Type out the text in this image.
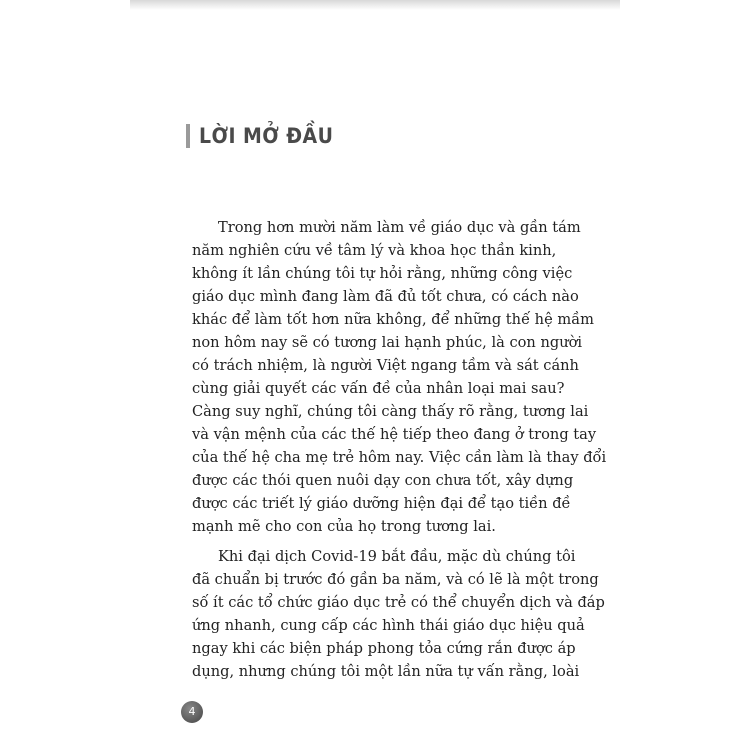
LỜI MỞ ĐẦU
Trong hơn mười năm làm về giáo dục và gần tám
năm nghiên cứu về tâm lý và khoa học thần kinh,
không ít lần chúng tôi tự hỏi rằng, những công việc
giáo dục mình đang làm đã đủ tốt chưa, có cách nào
khác để làm tốt hơn nữa không, để những thế hệ mầm
non hôm nay sẽ có tương lai hạnh phúc, là con người
có trách nhiệm, là người Việt ngang tầm và sát cánh
cùng giải quyết các vấn đề của nhân loại mai sau?
Càng suy nghĩ, chúng tôi càng thấy rõ rằng, tương lai
và vận mệnh của các thế hệ tiếp theo đang ở trong tay
của thế hệ cha mẹ trẻ hôm nay. Việc cần làm là thay đổi
được các thói quen nuôi dạy con chưa tốt, xây dựng
được các triết lý giáo dưỡng hiện đại để tạo tiền đề
mạnh mẽ cho con của họ trong tương lai.
Khi đại dịch Covid-19 bắt đầu, mặc dù chúng tôi
đã chuẩn bị trước đó gần ba năm, và có lẽ là một trong
số ít các tổ chức giáo dục trẻ có thể chuyển dịch và đáp
ứng nhanh, cung cấp các hình thái giáo dục hiệu quả
ngay khi các biện pháp phong tỏa cứng rắn được áp
dụng, nhưng chúng tôi một lần nữa tự vấn rằng, loài
4
